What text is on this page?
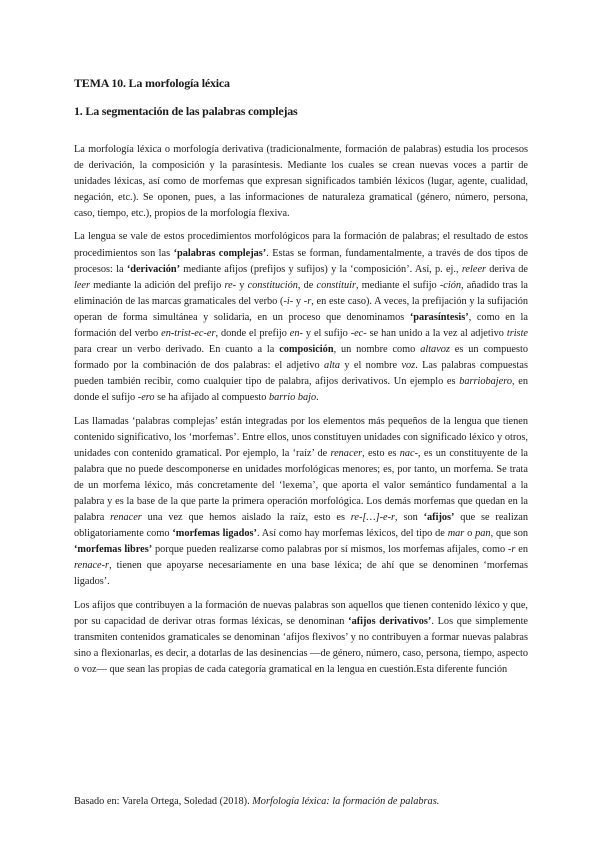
TEMA 10. La morfología léxica
1. La segmentación de las palabras complejas

La morfología léxica o morfología derivativa (tradicionalmente, formación de palabras) estudia los procesos de derivación, la composición y la parasíntesis. Mediante los cuales se crean nuevas voces a partir de unidades léxicas, así como de morfemas que expresan significados también léxicos (lugar, agente, cualidad, negación, etc.). Se oponen, pues, a las informaciones de naturaleza gramatical (género, número, persona, caso, tiempo, etc.), propios de la morfología flexiva.

La lengua se vale de estos procedimientos morfológicos para la formación de palabras; el resultado de estos procedimientos son las ‘palabras complejas’. Estas se forman, fundamentalmente, a través de dos tipos de procesos: la ‘derivación’ mediante afijos (prefijos y sufijos) y la ‘composición’. Así, p. ej., releer deriva de leer mediante la adición del prefijo re- y constitución, de constituir, mediante el sufijo -ción, añadido tras la eliminación de las marcas gramaticales del verbo (-i- y -r, en este caso). A veces, la prefijación y la sufijación operan de forma simultánea y solidaria, en un proceso que denominamos ‘parasíntesis’, como en la formación del verbo en-trist-ec-er, donde el prefijo en- y el sufijo -ec- se han unido a la vez al adjetivo triste para crear un verbo derivado. En cuanto a la composición, un nombre como altavoz es un compuesto formado por la combinación de dos palabras: el adjetivo alta y el nombre voz. Las palabras compuestas pueden también recibir, como cualquier tipo de palabra, afijos derivativos. Un ejemplo es barriobajero, en donde el sufijo -ero se ha afijado al compuesto barrio bajo.

Las llamadas ‘palabras complejas’ están integradas por los elementos más pequeños de la lengua que tienen contenido significativo, los ‘morfemas’. Entre ellos, unos constituyen unidades con significado léxico y otros, unidades con contenido gramatical. Por ejemplo, la ‘raíz’ de renacer, esto es nac-, es un constituyente de la palabra que no puede descomponerse en unidades morfológicas menores; es, por tanto, un morfema. Se trata de un morfema léxico, más concretamente del ‘lexema’, que aporta el valor semántico fundamental a la palabra y es la base de la que parte la primera operación morfológica. Los demás morfemas que quedan en la palabra renacer una vez que hemos aislado la raíz, esto es re-[…]-e-r, son ‘afijos’ que se realizan obligatoriamente como ‘morfemas ligados’. Así como hay morfemas léxicos, del tipo de mar o pan, que son ‘morfemas libres’ porque pueden realizarse como palabras por sí mismos, los morfemas afijales, como -r en renace-r, tienen que apoyarse necesariamente en una base léxica; de ahí que se denominen ‘morfemas ligados’.

Los afijos que contribuyen a la formación de nuevas palabras son aquellos que tienen contenido léxico y que, por su capacidad de derivar otras formas léxicas, se denominan ‘afijos derivativos’. Los que simplemente transmiten contenidos gramaticales se denominan ‘afijos flexivos’ y no contribuyen a formar nuevas palabras sino a flexionarlas, es decir, a dotarlas de las desinencias —de género, número, caso, persona, tiempo, aspecto o voz— que sean las propias de cada categoría gramatical en la lengua en cuestión.Esta diferente función

Basado en: Varela Ortega, Soledad (2018). Morfología léxica: la formación de palabras.
